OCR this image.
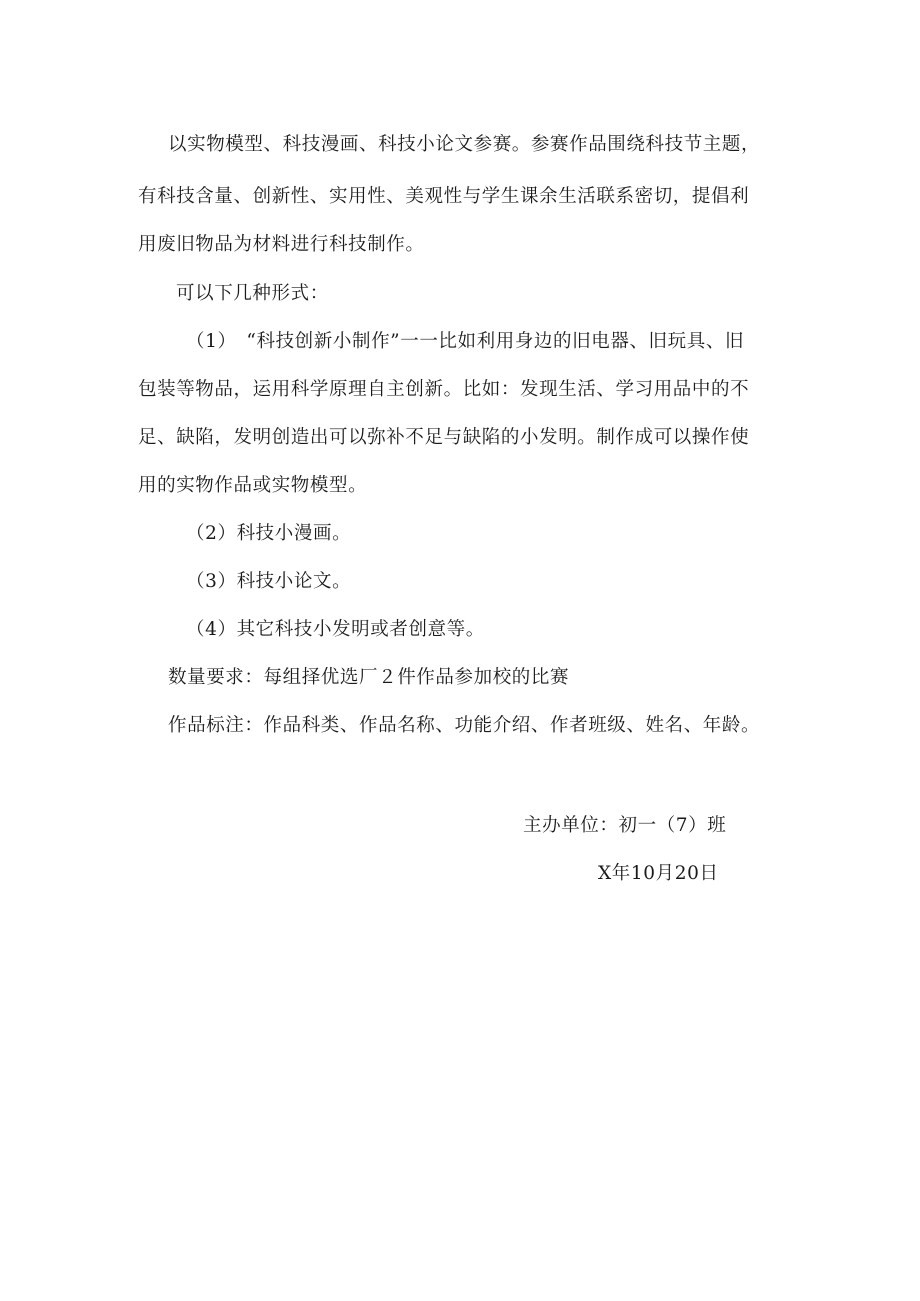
以实物模型、科技漫画、科技小论文参赛。参赛作品围绕科技节主题，
有科技含量、创新性、实用性、美观性与学生课余生活联系密切，提倡利
用废旧物品为材料进行科技制作。
可以下几种形式：
（1）　“科技创新小制作”一一比如利用身边的旧电器、旧玩具、旧
包装等物品，运用科学原理自主创新。比如：发现生活、学习用品中的不
足、缺陷，发明创造出可以弥补不足与缺陷的小发明。制作成可以操作使
用的实物作品或实物模型。
（2）科技小漫画。
（3）科技小论文。
（4）其它科技小发明或者创意等。
数量要求：每组择优选厂２件作品参加校的比赛
作品标注：作品科类、作品名称、功能介绍、作者班级、姓名、年龄。
主办单位：初一（7）班
X年10月20日
